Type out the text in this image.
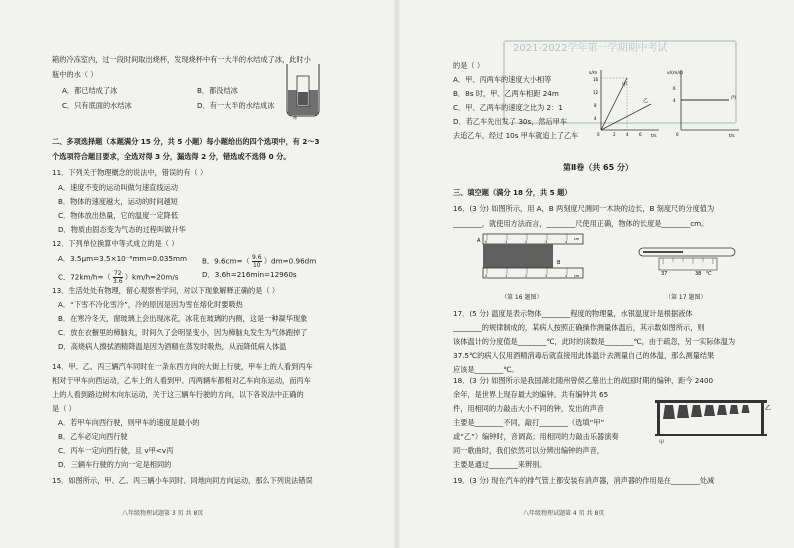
箱的冷冻室内，过一段时间取出烧杯，发现烧杯中有一大半的水结成了冰，此时小
瓶中的水（ ）
A．都已结成了冰	B．都没结冰
C．只有底面的水结冰	D．有一大半的水结成冰
冰
二、多项选择题（本题满分 15 分，共 5 小题）每小题给出的四个选项中，有 2～3
个选项符合题目要求，全选对得 3 分，漏选得 2 分，错选或不选得 0 分。
11．下列关于物理概念的说法中，错误的有（ ）
A．速度不变的运动叫做匀速直线运动
B．物体的速度越大，运动的时间越短
C．物体放出热量，它的温度一定降低
D．物质由固态变为气态的过程叫做升华
12．下列单位换算中等式成立的是（ ）
A．3.5μm=3.5×10⁻⁶mm=0.035mm B．$9.6cm=( \frac{9.6}{10} )dm=0.96dm$
C．$72km/h=( \frac{72}{3.6} )km/h=20m/s$	D．3.6h=216min=12960s
13．生活处处有物理，留心观察皆学问，对以下现象解释正确的是（ ）
A．“下雪不冷化雪冷”，冷的原因是因为雪在熔化时要吸热
B．在寒冷冬天，窗玻璃上会出现冰花，冰花在玻璃的内侧，这是一种凝华现象
C．放在衣橱里的樟脑丸，时间久了会明显变小，因为樟脑丸发生为气体跑掉了
D．高烧病人擦拭酒精降温是因为酒精在蒸发时吸热，从而降低病人体温
14．甲、乙、丙三辆汽车同时在一条东西方向的大街上行驶，甲车上的人看到丙车
相对于甲车向西运动，乙车上的人看到甲、丙两辆车都相对乙车向东运动，而丙车
上的人看到路边树木向东运动，关于这三辆车行驶的方向，以下各说法中正确的
是（ ）
A．若甲车向西行驶，则甲车的速度是最小的
B．乙车必定向西行驶
C．丙车一定向西行驶，且 v甲<v丙
D．三辆车行驶的方向一定是相同的
15．如图所示，甲、乙、丙三辆小车同时、同地向同方向运动，那么下列说法错误
八年级物理试题第 3 页 共 8页
2021-2022学年第一学期期中考试
的是（ ）
A．甲、丙两车的速度大小相等
B．8s 时，甲、乙两车相距 24m
C．甲、乙两车的速度之比为 2：1
D．若乙车先出发了 30s，然后甲车
去追乙车，经过 10s 甲车就追上了乙车
s/m
t/s
甲
乙
16
12
8
4
2	4	6
0
v/(m/s)
t/s
丙
6
4
0
第Ⅱ卷（共 65 分）
三、填空题（满分 18 分，共 5 题）
16．(3 分) 如图所示，用 A，B 两刻度尺测同一木块的边长，B 刻度尺的分度值为
________，就使用方法而言，________尺使用正确，物体的长度是________cm。
0	1	2	3	4
cm
A
B
0	1	2	3	4 cm
（第 16 题图）
37	38 ℃
（第 17 题图）
17．(5 分) 温度是表示物体________程度的物理量，水银温度计是根据液体
________的规律制成的，某病人按照正确操作测量体温后，其示数如图所示，则
该体温计的分度值是________℃，此时的读数是________℃，由于疏忽，另一实际体温为
37.5℃的病人仅用酒精消毒后就直接用此体温计去测量自己的体温，那么测量结果
应该是________℃。
18．(3 分) 如图所示是我国湖北随州曾侯乙墓出土的战国时期的编钟，距今 2400
余年，是世界上现存最大的编钟。共有编钟共 65
件，用相同的力敲击大小不同的钟，发出的声音
主要是________不同，敲打________（选填“甲”
或“乙”）编钟时，音调高；用相同的力敲击乐器演奏
同一歌曲时，我们依然可以分辨出编钟的声音，
主要是通过________来辨别。
甲
乙
19．(3 分) 现在汽车的排气管上都安装有消声器，消声器的作用是在________处减
八年级物理试题第 4 页 共 8页
